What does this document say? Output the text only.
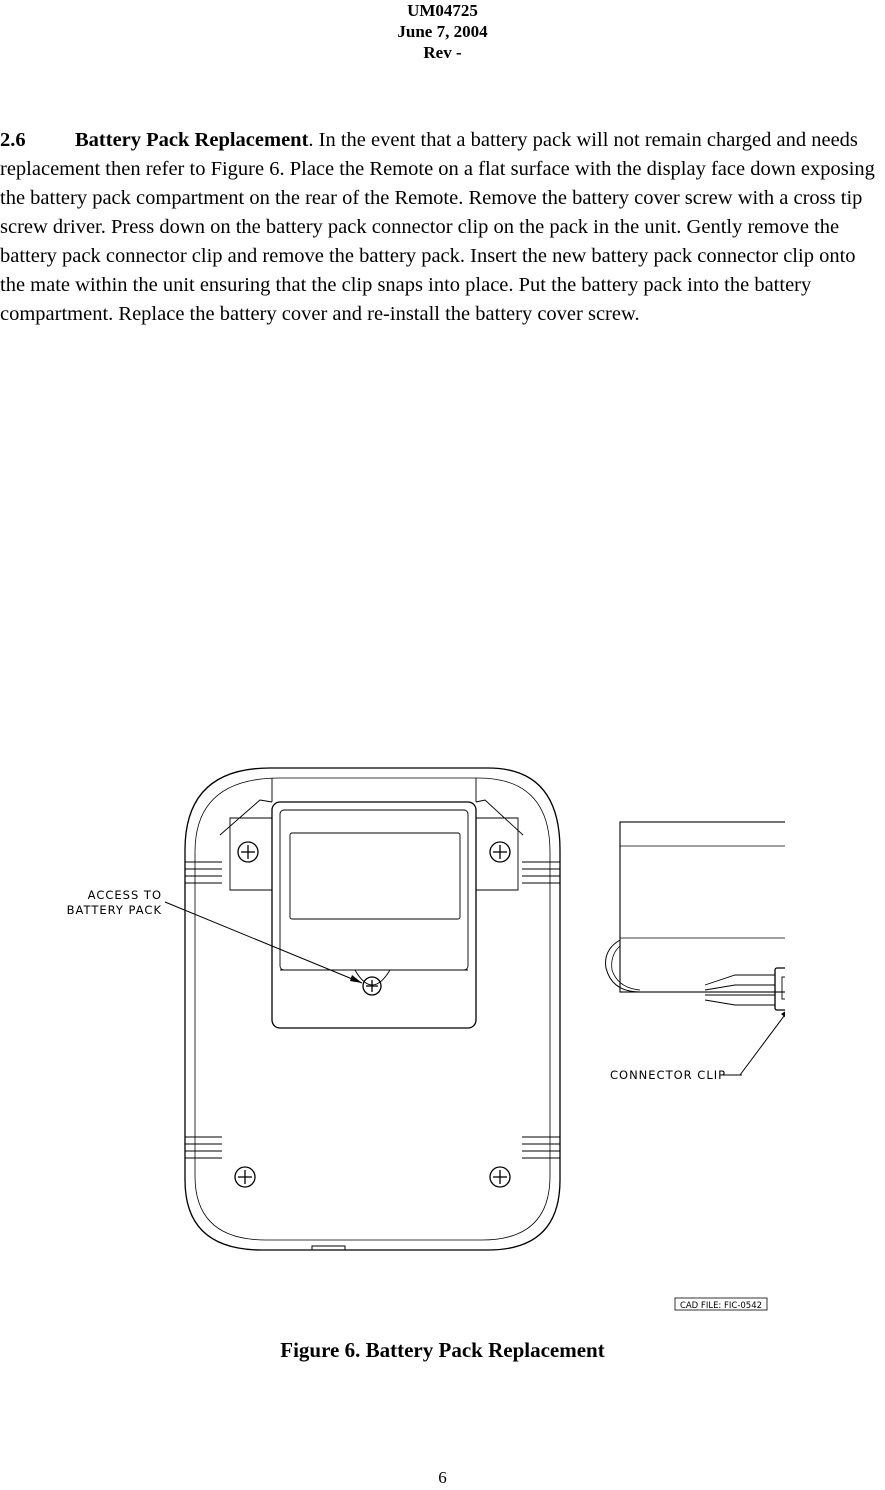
UM04725
June 7, 2004
Rev -

2.6 Battery Pack Replacement. In the event that a battery pack will not remain charged and needs replacement then refer to Figure 6. Place the Remote on a flat surface with the display face down exposing the battery pack compartment on the rear of the Remote. Remove the battery cover screw with a cross tip screw driver. Press down on the battery pack connector clip on the pack in the unit. Gently remove the battery pack connector clip and remove the battery pack. Insert the new battery pack connector clip onto the mate within the unit ensuring that the clip snaps into place. Put the battery pack into the battery compartment. Replace the battery cover and re-install the battery cover screw.

ACCESS TO
BATTERY PACK
CONNECTOR CLIP
CAD FILE: FIC-0542
Figure 6. Battery Pack Replacement
6
